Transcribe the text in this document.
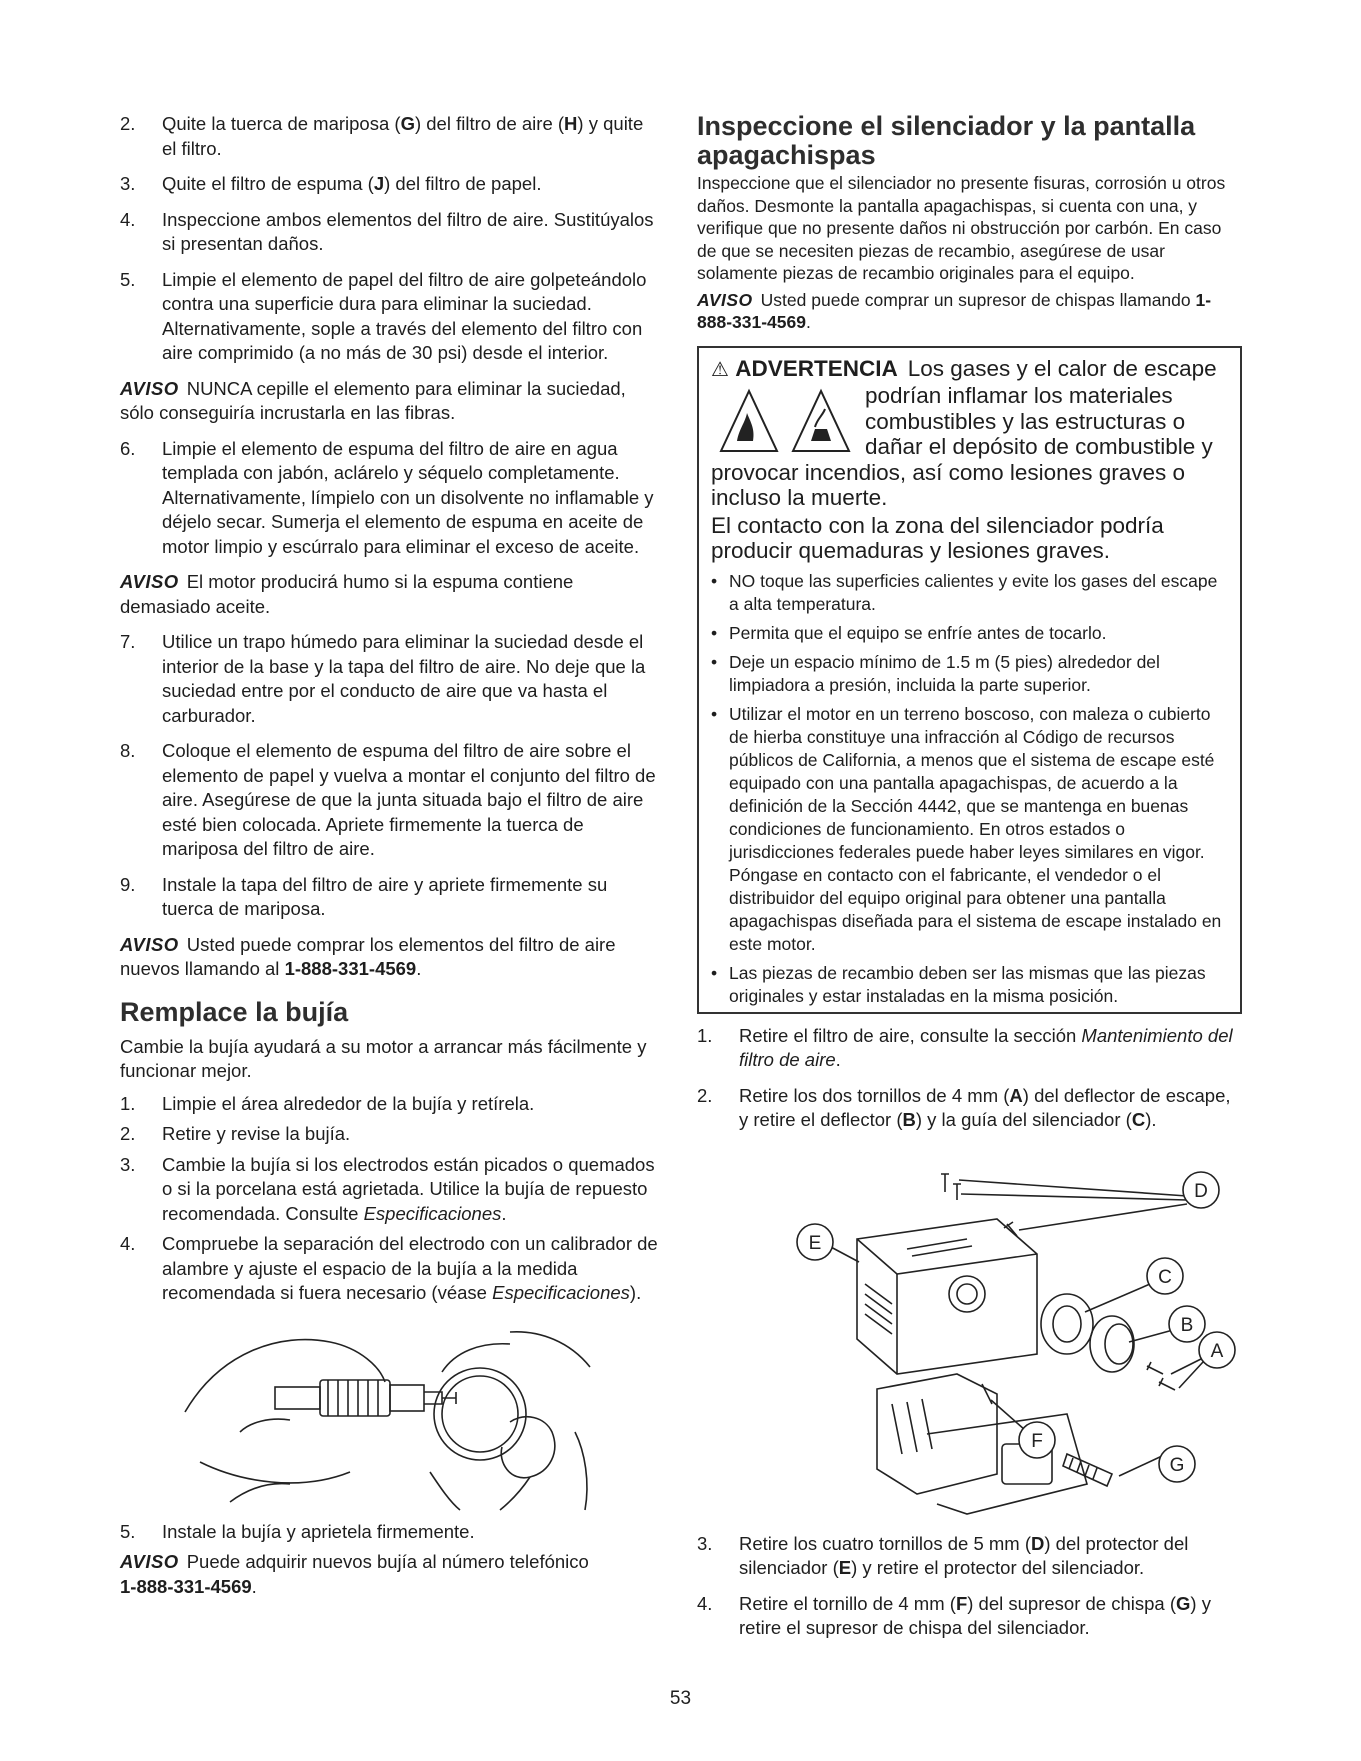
2.	Quite la tuerca de mariposa (G) del filtro de aire (H) y quite el filtro.
3.	Quite el filtro de espuma (J) del filtro de papel.
4.	Inspeccione ambos elementos del filtro de aire. Sustitúyalos si presentan daños.
5.	Limpie el elemento de papel del filtro de aire golpeteándolo contra una superficie dura para eliminar la suciedad. Alternativamente, sople a través del elemento del filtro con aire comprimido (a no más de 30 psi) desde el interior.

AVISO NUNCA cepille el elemento para eliminar la suciedad, sólo conseguiría incrustarla en las fibras.

6.	Limpie el elemento de espuma del filtro de aire en agua templada con jabón, aclárelo y séquelo completamente. Alternativamente, límpielo con un disolvente no inflamable y déjelo secar. Sumerja el elemento de espuma en aceite de motor limpio y escúrralo para eliminar el exceso de aceite.

AVISO El motor producirá humo si la espuma contiene demasiado aceite.

7.	Utilice un trapo húmedo para eliminar la suciedad desde el interior de la base y la tapa del filtro de aire. No deje que la suciedad entre por el conducto de aire que va hasta el carburador.
8.	Coloque el elemento de espuma del filtro de aire sobre el elemento de papel y vuelva a montar el conjunto del filtro de aire. Asegúrese de que la junta situada bajo el filtro de aire esté bien colocada. Apriete firmemente la tuerca de mariposa del filtro de aire.
9.	Instale la tapa del filtro de aire y apriete firmemente su tuerca de mariposa.

AVISO Usted puede comprar los elementos del filtro de aire nuevos llamando al 1-888-331-4569.

Remplace la bujía

Cambie la bujía ayudará a su motor a arrancar más fácilmente y funcionar mejor.

1.	Limpie el área alrededor de la bujía y retírela.
2.	Retire y revise la bujía.
3.	Cambie la bujía si los electrodos están picados o quemados o si la porcelana está agrietada. Utilice la bujía de repuesto recomendada. Consulte Especificaciones.
4.	Compruebe la separación del electrodo con un calibrador de alambre y ajuste el espacio de la bujía a la medida recomendada si fuera necesario (véase Especificaciones).
5.	Instale la bujía y aprietela firmemente.

AVISO Puede adquirir nuevos bujía al número telefónico
1-888-331-4569.

Inspeccione el silenciador y la pantalla
apagachispas

Inspeccione que el silenciador no presente fisuras, corrosión u otros daños. Desmonte la pantalla apagachispas, si cuenta con una, y verifique que no presente daños ni obstrucción por carbón. En caso de que se necesiten piezas de recambio, asegúrese de usar solamente piezas de recambio originales para el equipo.

AVISO Usted puede comprar un supresor de chispas llamando 1-888-331-4569.

⚠ ADVERTENCIA Los gases y el calor de escape
podrían inflamar los materiales combustibles y las estructuras o dañar el depósito de combustible y
provocar incendios, así como lesiones graves o incluso la muerte.
El contacto con la zona del silenciador podría producir quemaduras y lesiones graves.
• NO toque las superficies calientes y evite los gases del escape a alta temperatura.
• Permita que el equipo se enfríe antes de tocarlo.
• Deje un espacio mínimo de 1.5 m (5 pies) alrededor del limpiadora a presión, incluida la parte superior.
• Utilizar el motor en un terreno boscoso, con maleza o cubierto de hierba constituye una infracción al Código de recursos públicos de California, a menos que el sistema de escape esté equipado con una pantalla apagachispas, de acuerdo a la definición de la Sección 4442, que se mantenga en buenas condiciones de funcionamiento. En otros estados o jurisdicciones federales puede haber leyes similares en vigor. Póngase en contacto con el fabricante, el vendedor o el distribuidor del equipo original para obtener una pantalla apagachispas diseñada para el sistema de escape instalado en este motor.
• Las piezas de recambio deben ser las mismas que las piezas originales y estar instaladas en la misma posición.
1.	Retire el filtro de aire, consulte la sección Mantenimiento del filtro de aire.
2.	Retire los dos tornillos de 4 mm (A) del deflector de escape, y retire el deflector (B) y la guía del silenciador (C).
D
E
C
B
A
F
G
3.	Retire los cuatro tornillos de 5 mm (D) del protector del silenciador (E) y retire el protector del silenciador.
4.	Retire el tornillo de 4 mm (F) del supresor de chispa (G) y retire el supresor de chispa del silenciador.
53
